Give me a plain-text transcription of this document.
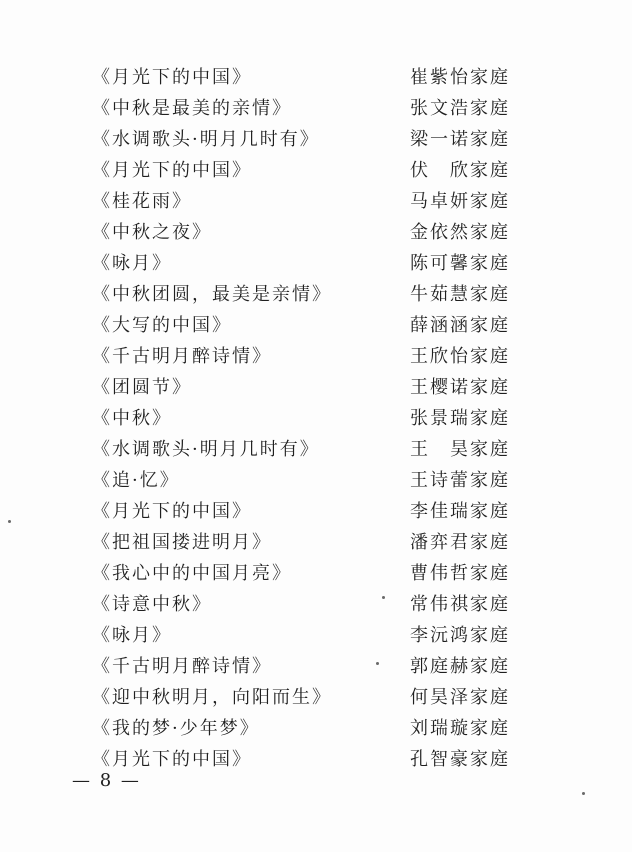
《月光下的中国》	崔紫怡家庭
《中秋是最美的亲情》	张文浩家庭
《水调歌头·明月几时有》	梁一诺家庭
《月光下的中国》	伏　欣家庭
《桂花雨》	马卓妍家庭
《中秋之夜》	金依然家庭
《咏月》	陈可馨家庭
《中秋团圆，最美是亲情》	牛茹慧家庭
《大写的中国》	薛涵涵家庭
《千古明月醉诗情》	王欣怡家庭
《团圆节》	王樱诺家庭
《中秋》	张景瑞家庭
《水调歌头·明月几时有》	王　昊家庭
《追·忆》	王诗蕾家庭
《月光下的中国》	李佳瑞家庭
《把祖国搂进明月》	潘弈君家庭
《我心中的中国月亮》	曹伟哲家庭
《诗意中秋》	常伟祺家庭
《咏月》	李沅鸿家庭
《千古明月醉诗情》	郭庭赫家庭
《迎中秋明月，向阳而生》	何昊泽家庭
《我的梦·少年梦》	刘瑞璇家庭
《月光下的中国》	孔智豪家庭
— 8 —
